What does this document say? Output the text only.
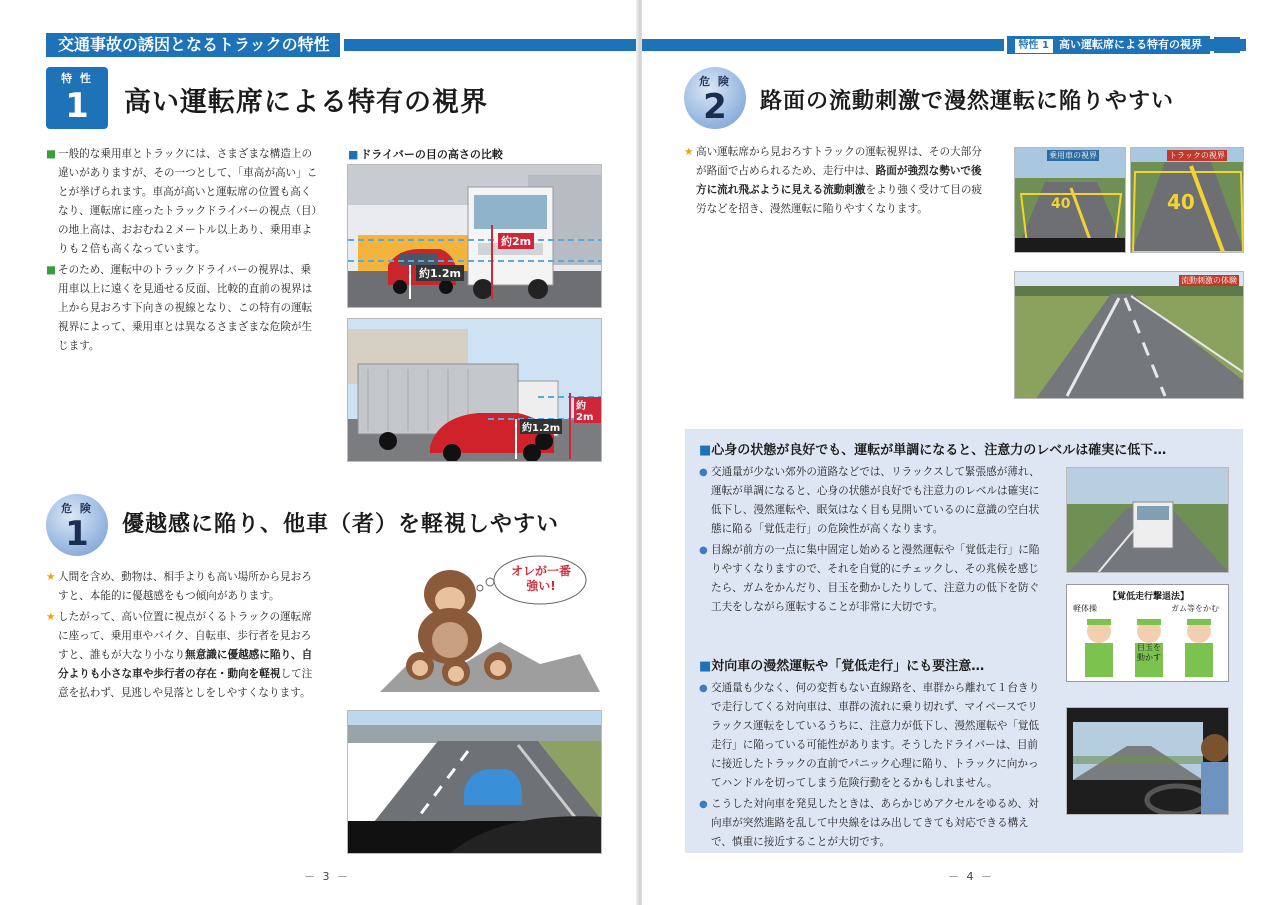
交通事故の誘因となるトラックの特性
特 性
1	高い運転席による特有の視界

■ 一般的な乗用車とトラックには、さまざまな構造上の違いがありますが、その一つとして、「車高が高い」ことが挙げられます。車高が高いと運転席の位置も高くなり、運転席に座ったトラックドライバーの視点（目）の地上高は、おおむね２メートル以上あり、乗用車よりも２倍も高くなっています。

■ そのため、運転中のトラックドライバーの視界は、乗用車以上に遠くを見通せる反面、比較的直前の視界は上から見おろす下向きの視線となり、この特有の運転視界によって、乗用車とは異なるさまざまな危険が生じます。

■ ドライバーの目の高さの比較
約2m
約1.2m
約2m
約1.2m
危 険
1	優越感に陥り、他車（者）を軽視しやすい

★ 人間を含め、動物は、相手よりも高い場所から見おろすと、本能的に優越感をもつ傾向があります。

★ したがって、高い位置に視点がくるトラックの運転席に座って、乗用車やバイク、自転車、歩行者を見おろすと、誰もが大なり小なり無意識に優越感に陥り、自分よりも小さな車や歩行者の存在・動向を軽視して注意を払わず、見逃しや見落としをしやすくなります。

オレが一番強い!
－ 3 －
特性 1 高い運転席による特有の視界
危 険
2	路面の流動刺激で漫然運転に陥りやすい

★ 高い運転席から見おろすトラックの運転視界は、その大部分が路面で占められるため、走行中は、路面が強烈な勢いで後方に流れ飛ぶように見える流動刺激をより強く受けて目の疲労などを招き、漫然運転に陥りやすくなります。	40
乗用車の視界
40
トラックの視界
流動刺激の体験
■心身の状態が良好でも、運転が単調になると、注意力のレベルは確実に低下…

● 交通量が少ない郊外の道路などでは、リラックスして緊張感が薄れ、運転が単調になると、心身の状態が良好でも注意力のレベルは確実に低下し、漫然運転や、眠気はなく目も見開いているのに意識の空白状態に陥る「覚低走行」の危険性が高くなります。

● 目線が前方の一点に集中固定し始めると漫然運転や「覚低走行」に陥りやすくなりますので、それを自覚的にチェックし、その兆候を感じたら、ガムをかんだり、目玉を動かしたりして、注意力の低下を防ぐ工夫をしながら運転することが非常に大切です。

【覚低走行撃退法】
軽体操	ガム等をかむ
目玉を動かす
■対向車の漫然運転や「覚低走行」にも要注意…

● 交通量も少なく、何の変哲もない直線路を、車群から離れて１台きりで走行してくる対向車は、車群の流れに乗り切れず、マイペースでリラックス運転をしているうちに、注意力が低下し、漫然運転や「覚低走行」に陥っている可能性があります。そうしたドライバーは、目前に接近したトラックの直前でパニック心理に陥り、トラックに向かってハンドルを切ってしまう危険行動をとるかもしれません。

● こうした対向車を発見したときは、あらかじめアクセルをゆるめ、対向車が突然進路を乱して中央線をはみ出してきても対応できる構えで、慎重に接近することが大切です。

－ 4 －
